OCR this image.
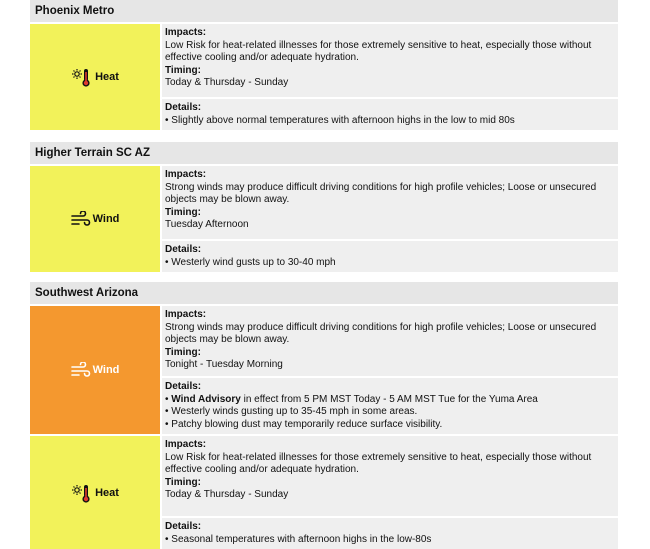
Phoenix Metro
Heat
Impacts:
Low Risk for heat-related illnesses for those extremely sensitive to heat, especially those without effective cooling and/or adequate hydration.
Timing:
Today & Thursday - Sunday
Details:
• Slightly above normal temperatures with afternoon highs in the low to mid 80s
Higher Terrain SC AZ
Wind
Impacts:
Strong winds may produce difficult driving conditions for high profile vehicles; Loose or unsecured objects may be blown away.
Timing:
Tuesday Afternoon
Details:
• Westerly wind gusts up to 30-40 mph
Southwest Arizona
Wind
Impacts:
Strong winds may produce difficult driving conditions for high profile vehicles; Loose or unsecured objects may be blown away.
Timing:
Tonight - Tuesday Morning
Details:
• Wind Advisory in effect from 5 PM MST Today - 5 AM MST Tue for the Yuma Area
• Westerly winds gusting up to 35-45 mph in some areas.
• Patchy blowing dust may temporarily reduce surface visibility.
Heat
Impacts:
Low Risk for heat-related illnesses for those extremely sensitive to heat, especially those without effective cooling and/or adequate hydration.
Timing:
Today & Thursday - Sunday
Details:
• Seasonal temperatures with afternoon highs in the low-80s
